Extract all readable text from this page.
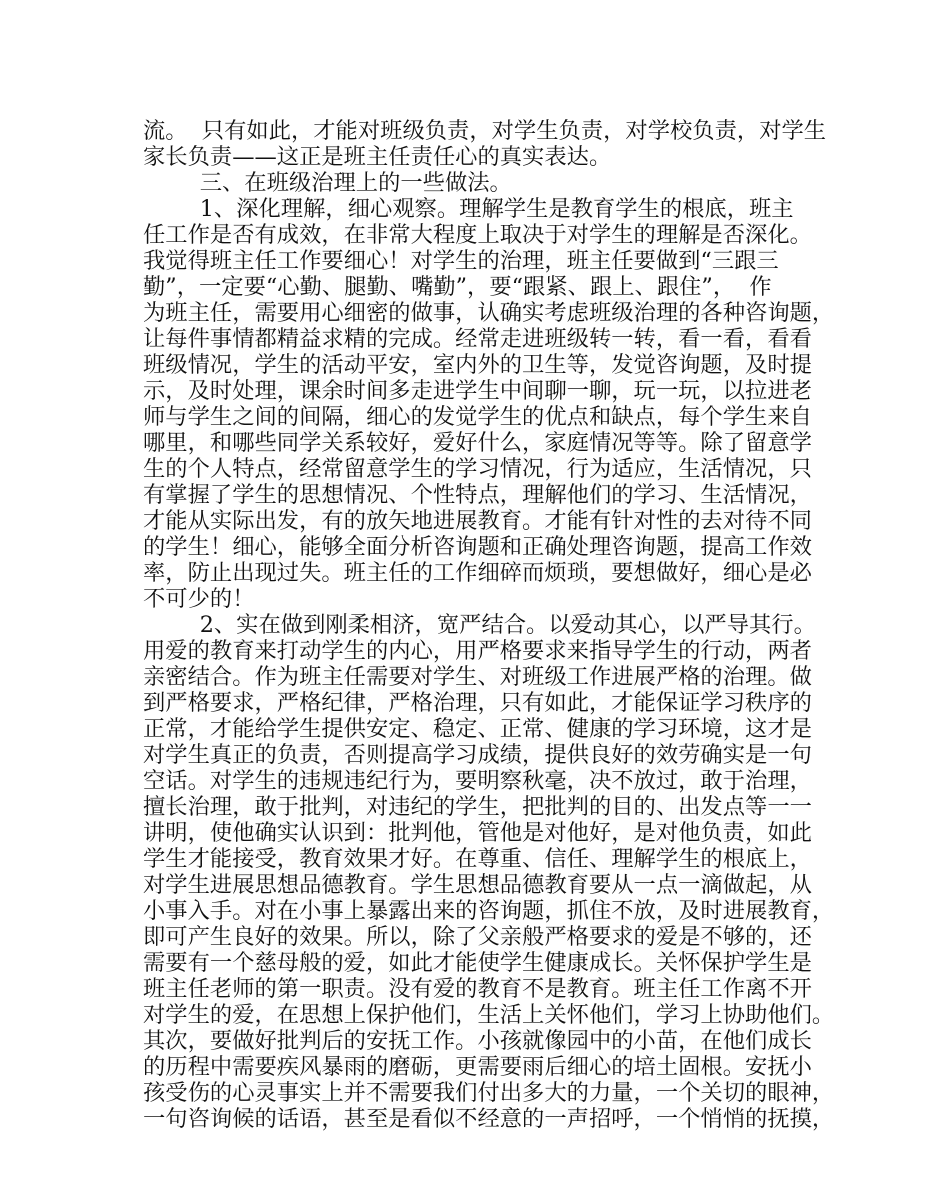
流。  只有如此，才能对班级负责，对学生负责，对学校负责，对学生
家长负责——这正是班主任责任心的真实表达。
三、在班级治理上的一些做法。
1、深化理解，细心观察。理解学生是教育学生的根底，班主
任工作是否有成效，在非常大程度上取决于对学生的理解是否深化。
我觉得班主任工作要细心！对学生的治理，班主任要做到“三跟三
勤”，一定要“心勤、腿勤、嘴勤”，要“跟紧、跟上、跟住”，  作
为班主任，需要用心细密的做事，认确实考虑班级治理的各种咨询题，
让每件事情都精益求精的完成。经常走进班级转一转，看一看，看看
班级情况，学生的活动平安，室内外的卫生等，发觉咨询题，及时提
示，及时处理，课余时间多走进学生中间聊一聊，玩一玩，以拉进老
师与学生之间的间隔，细心的发觉学生的优点和缺点，每个学生来自
哪里，和哪些同学关系较好，爱好什么，家庭情况等等。除了留意学
生的个人特点，经常留意学生的学习情况，行为适应，生活情况，只
有掌握了学生的思想情况、个性特点，理解他们的学习、生活情况，
才能从实际出发，有的放矢地进展教育。才能有针对性的去对待不同
的学生！细心，能够全面分析咨询题和正确处理咨询题，提高工作效
率，防止出现过失。班主任的工作细碎而烦琐，要想做好，细心是必
不可少的！
2、实在做到刚柔相济，宽严结合。以爱动其心，以严导其行。
用爱的教育来打动学生的内心，用严格要求来指导学生的行动，两者
亲密结合。作为班主任需要对学生、对班级工作进展严格的治理。做
到严格要求，严格纪律，严格治理，只有如此，才能保证学习秩序的
正常，才能给学生提供安定、稳定、正常、健康的学习环境，这才是
对学生真正的负责，否则提高学习成绩，提供良好的效劳确实是一句
空话。对学生的违规违纪行为，要明察秋毫，决不放过，敢于治理，
擅长治理，敢于批判，对违纪的学生，把批判的目的、出发点等一一
讲明，使他确实认识到：批判他，管他是对他好，是对他负责，如此
学生才能接受，教育效果才好。在尊重、信任、理解学生的根底上，
对学生进展思想品德教育。学生思想品德教育要从一点一滴做起，从
小事入手。对在小事上暴露出来的咨询题，抓住不放，及时进展教育，
即可产生良好的效果。所以，除了父亲般严格要求的爱是不够的，还
需要有一个慈母般的爱，如此才能使学生健康成长。关怀保护学生是
班主任老师的第一职责。没有爱的教育不是教育。班主任工作离不开
对学生的爱，在思想上保护他们，生活上关怀他们，学习上协助他们。
其次，要做好批判后的安抚工作。小孩就像园中的小苗，在他们成长
的历程中需要疾风暴雨的磨砺，更需要雨后细心的培土固根。安抚小
孩受伤的心灵事实上并不需要我们付出多大的力量，一个关切的眼神，
一句咨询候的话语，甚至是看似不经意的一声招呼，一个悄悄的抚摸，
